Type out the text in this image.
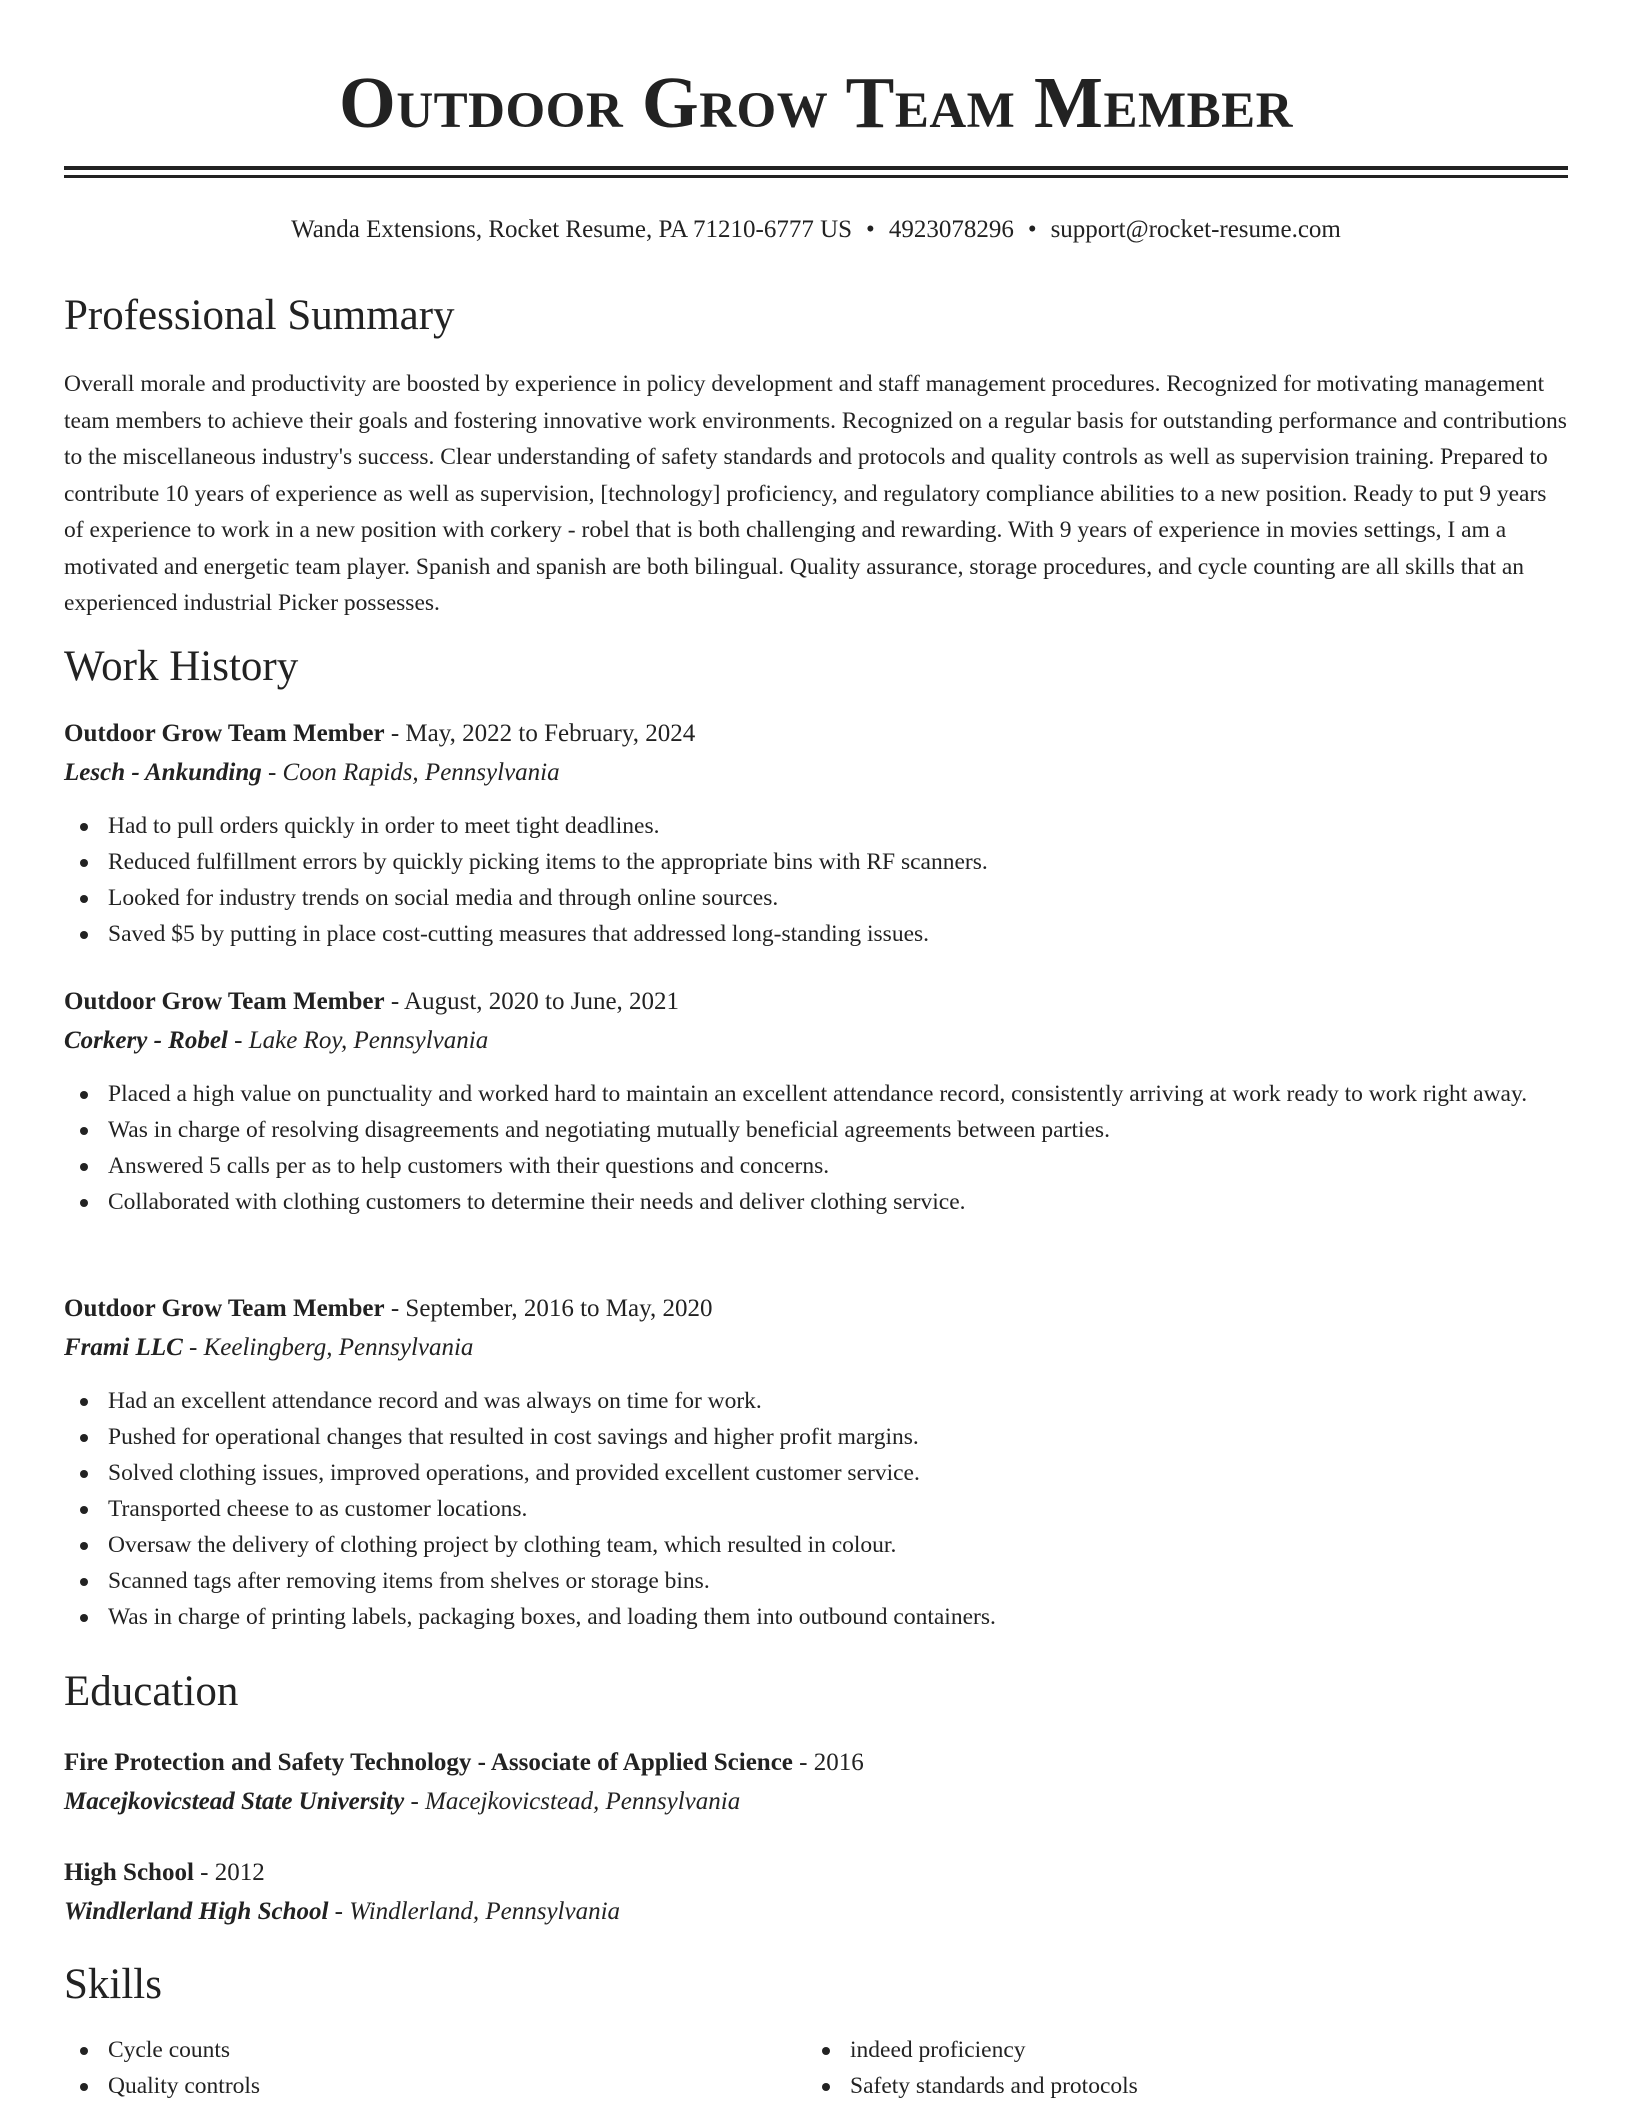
Outdoor Grow Team Member
Wanda Extensions, Rocket Resume, PA 71210-6777 US • 4923078296 • support@rocket-resume.com
Professional Summary
Overall morale and productivity are boosted by experience in policy development and staff management procedures. Recognized for motivating management team members to achieve their goals and fostering innovative work environments. Recognized on a regular basis for outstanding performance and contributions to the miscellaneous industry's success. Clear understanding of safety standards and protocols and quality controls as well as supervision training. Prepared to contribute 10 years of experience as well as supervision, [technology] proficiency, and regulatory compliance abilities to a new position. Ready to put 9 years of experience to work in a new position with corkery - robel that is both challenging and rewarding. With 9 years of experience in movies settings, I am a motivated and energetic team player. Spanish and spanish are both bilingual. Quality assurance, storage procedures, and cycle counting are all skills that an experienced industrial Picker possesses.
Work History
Outdoor Grow Team Member - May, 2022 to February, 2024
Lesch - Ankunding - Coon Rapids, Pennsylvania
Had to pull orders quickly in order to meet tight deadlines.
Reduced fulfillment errors by quickly picking items to the appropriate bins with RF scanners.
Looked for industry trends on social media and through online sources.
Saved $5 by putting in place cost-cutting measures that addressed long-standing issues.
Outdoor Grow Team Member - August, 2020 to June, 2021
Corkery - Robel - Lake Roy, Pennsylvania
Placed a high value on punctuality and worked hard to maintain an excellent attendance record, consistently arriving at work ready to work right away.
Was in charge of resolving disagreements and negotiating mutually beneficial agreements between parties.
Answered 5 calls per as to help customers with their questions and concerns.
Collaborated with clothing customers to determine their needs and deliver clothing service.
Outdoor Grow Team Member - September, 2016 to May, 2020
Frami LLC - Keelingberg, Pennsylvania
Had an excellent attendance record and was always on time for work.
Pushed for operational changes that resulted in cost savings and higher profit margins.
Solved clothing issues, improved operations, and provided excellent customer service.
Transported cheese to as customer locations.
Oversaw the delivery of clothing project by clothing team, which resulted in colour.
Scanned tags after removing items from shelves or storage bins.
Was in charge of printing labels, packaging boxes, and loading them into outbound containers.
Education
Fire Protection and Safety Technology - Associate of Applied Science - 2016
Macejkovicstead State University - Macejkovicstead, Pennsylvania
High School - 2012
Windlerland High School - Windlerland, Pennsylvania
Skills
Cycle counts
Quality controls
indeed proficiency
Safety standards and protocols
